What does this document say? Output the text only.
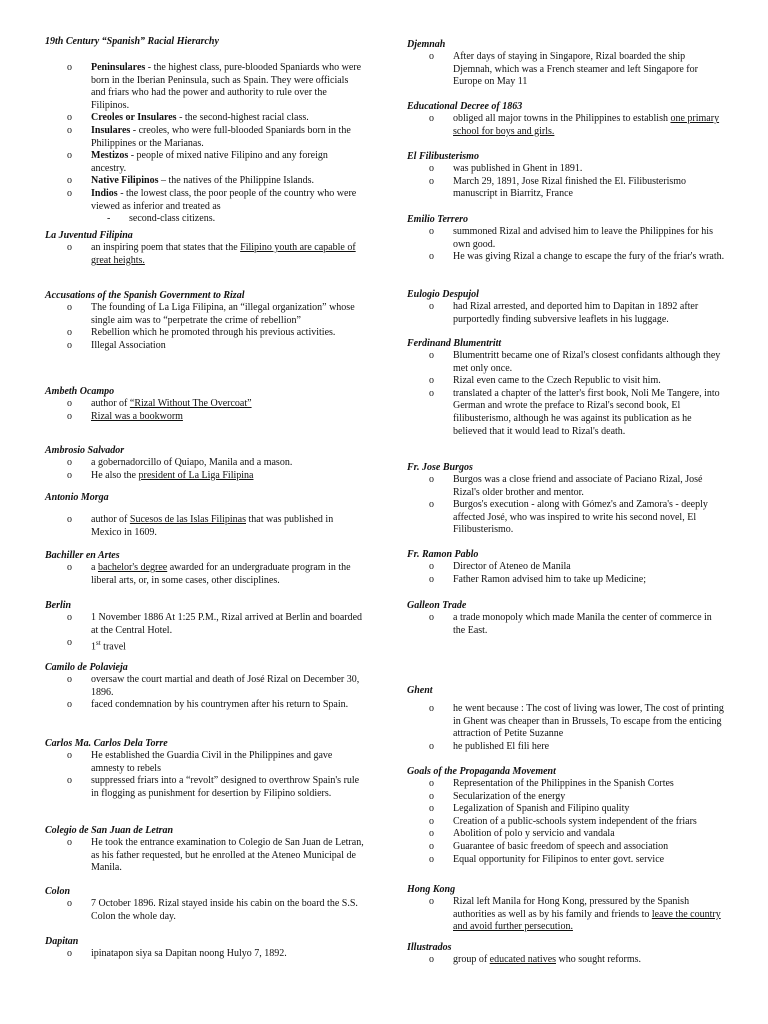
19th Century “Spanish” Racial Hierarchy
o Peninsulares - the highest class, pure-blooded Spaniards who were born in the Iberian Peninsula, such as Spain. They were officials and friars who had the power and authority to rule over the Filipinos.
o Creoles or Insulares - the second-highest racial class.
o Insulares - creoles, who were full-blooded Spaniards born in the Philippines or the Marianas.
o Mestizos - people of mixed native Filipino and any foreign ancestry.
o Native Filipinos – the natives of the Philippine Islands.
o Indios - the lowest class, the poor people of the country who were viewed as inferior and treated as
- second-class citizens.
La Juventud Filipina
o an inspiring poem that states that the Filipino youth are capable of great heights.
Accusations of the Spanish Government to Rizal
o The founding of La Liga Filipina, an “illegal organization” whose single aim was to “perpetrate the crime of rebellion”
o Rebellion which he promoted through his previous activities.
o Illegal Association
Ambeth Ocampo
o author of “Rizal Without The Overcoat”
o Rizal was a bookworm
Ambrosio Salvador
o a gobernadorcillo of Quiapo, Manila and a mason.
o He also the president of La Liga Filipina
Antonio Morga
o author of Sucesos de las Islas Filipinas that was published in Mexico in 1609.
Bachiller en Artes
o a bachelor's degree awarded for an undergraduate program in the liberal arts, or, in some cases, other disciplines.
Berlin
o 1 November 1886 At 1:25 P.M., Rizal arrived at Berlin and boarded at the Central Hotel.
o 1st travel
Camilo de Polavieja
o oversaw the court martial and death of José Rizal on December 30, 1896.
o faced condemnation by his countrymen after his return to Spain.
Carlos Ma. Carlos Dela Torre
o He established the Guardia Civil in the Philippines and gave amnesty to rebels
o suppressed friars into a “revolt” designed to overthrow Spain's rule in flogging as punishment for desertion by Filipino soldiers.
Colegio de San Juan de Letran
o He took the entrance examination to Colegio de San Juan de Letran, as his father requested, but he enrolled at the Ateneo Municipal de Manila.
Colon
o 7 October 1896. Rizal stayed inside his cabin on the board the S.S. Colon the whole day.
Dapitan
o ipinatapon siya sa Dapitan noong Hulyo 7, 1892.
Djemnah
o After days of staying in Singapore, Rizal boarded the ship Djemnah, which was a French steamer and left Singapore for Europe on May 11
Educational Decree of 1863
o obliged all major towns in the Philippines to establish one primary school for boys and girls.
El Filibusterismo
o was published in Ghent in 1891.
o March 29, 1891, Jose Rizal finished the El. Filibusterismo manuscript in Biarritz, France
Emilio Terrero
o summoned Rizal and advised him to leave the Philippines for his own good.
o He was giving Rizal a change to escape the fury of the friar's wrath.
Eulogio Despujol
o had Rizal arrested, and deported him to Dapitan in 1892 after purportedly finding subversive leaflets in his luggage.
Ferdinand Blumentritt
o Blumentritt became one of Rizal's closest confidants although they met only once.
o Rizal even came to the Czech Republic to visit him.
o translated a chapter of the latter's first book, Noli Me Tangere, into German and wrote the preface to Rizal's second book, El filibusterismo, although he was against its publication as he believed that it would lead to Rizal's death.
Fr. Jose Burgos
o Burgos was a close friend and associate of Paciano Rizal, José Rizal's older brother and mentor.
o Burgos's execution - along with Gómez's and Zamora's - deeply affected José, who was inspired to write his second novel, El Filibusterismo.
Fr. Ramon Pablo
o Director of Ateneo de Manila
o Father Ramon advised him to take up Medicine;
Galleon Trade
o a trade monopoly which made Manila the center of commerce in the East.
Ghent
o he went because : The cost of living was lower, The cost of printing in Ghent was cheaper than in Brussels, To escape from the enticing attraction of Petite Suzanne
o he published El fili here
Goals of the Propaganda Movement
o Representation of the Philippines in the Spanish Cortes
o Secularization of the energy
o Legalization of Spanish and Filipino quality
o Creation of a public-schools system independent of the friars
o Abolition of polo y servicio and vandala
o Guarantee of basic freedom of speech and association
o Equal opportunity for Filipinos to enter govt. service
Hong Kong
o Rizal left Manila for Hong Kong, pressured by the Spanish authorities as well as by his family and friends to leave the country and avoid further persecution.
Illustrados
o group of educated natives who sought reforms.
